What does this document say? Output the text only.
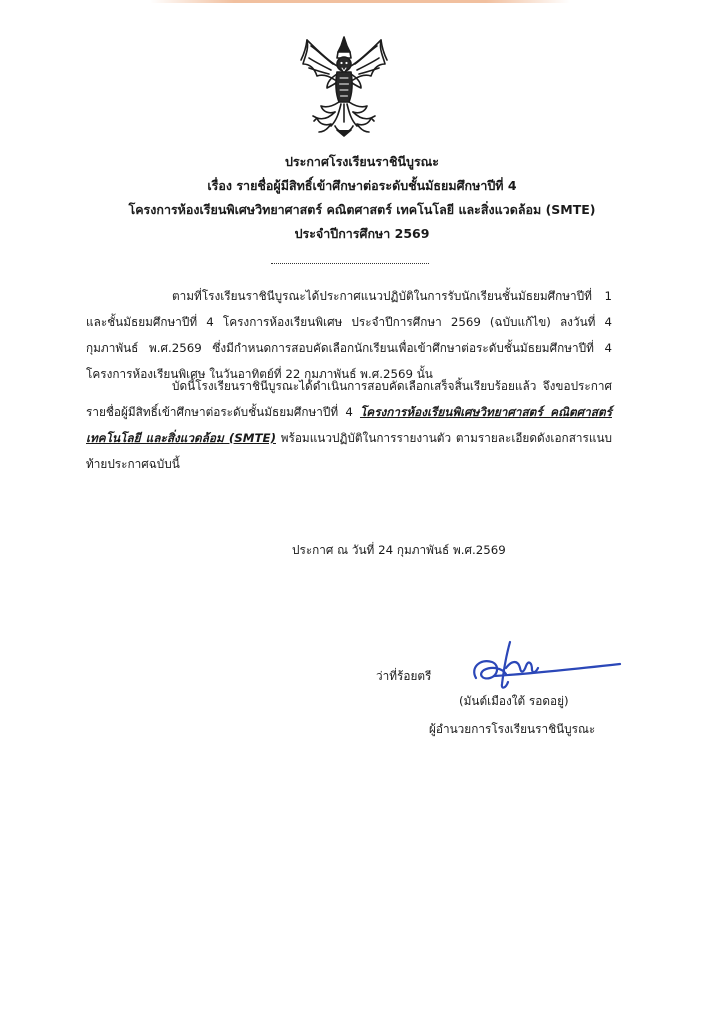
ประกาศโรงเรียนราชินีบูรณะ
เรื่อง รายชื่อผู้มีสิทธิ์เข้าศึกษาต่อระดับชั้นมัธยมศึกษาปีที่ 4
โครงการห้องเรียนพิเศษวิทยาศาสตร์ คณิตศาสตร์ เทคโนโลยี และสิ่งแวดล้อม (SMTE)
ประจำปีการศึกษา 2569
ตามที่โรงเรียนราชินีบูรณะได้ประกาศแนวปฏิบัติในการรับนักเรียนชั้นมัธยมศึกษาปีที่ 1 และชั้นมัธยมศึกษาปีที่ 4 โครงการห้องเรียนพิเศษ ประจำปีการศึกษา 2569 (ฉบับแก้ไข) ลงวันที่ 4 กุมภาพันธ์ พ.ศ.2569 ซึ่งมีกำหนดการสอบคัดเลือกนักเรียนเพื่อเข้าศึกษาต่อระดับชั้นมัธยมศึกษาปีที่ 4 โครงการห้องเรียนพิเศษ ในวันอาทิตย์ที่ 22 กุมภาพันธ์ พ.ศ.2569 นั้น
บัดนี้โรงเรียนราชินีบูรณะได้ดำเนินการสอบคัดเลือกเสร็จสิ้นเรียบร้อยแล้ว จึงขอประกาศรายชื่อผู้มีสิทธิ์เข้าศึกษาต่อระดับชั้นมัธยมศึกษาปีที่ 4 โครงการห้องเรียนพิเศษวิทยาศาสตร์ คณิตศาสตร์ เทคโนโลยี และสิ่งแวดล้อม (SMTE) พร้อมแนวปฏิบัติในการรายงานตัว ตามรายละเอียดดังเอกสารแนบท้ายประกาศฉบับนี้
ประกาศ ณ วันที่ 24 กุมภาพันธ์ พ.ศ.2569
ว่าที่ร้อยตรี
(มันต์เมืองใต้ รอดอยู่)
ผู้อำนวยการโรงเรียนราชินีบูรณะ
